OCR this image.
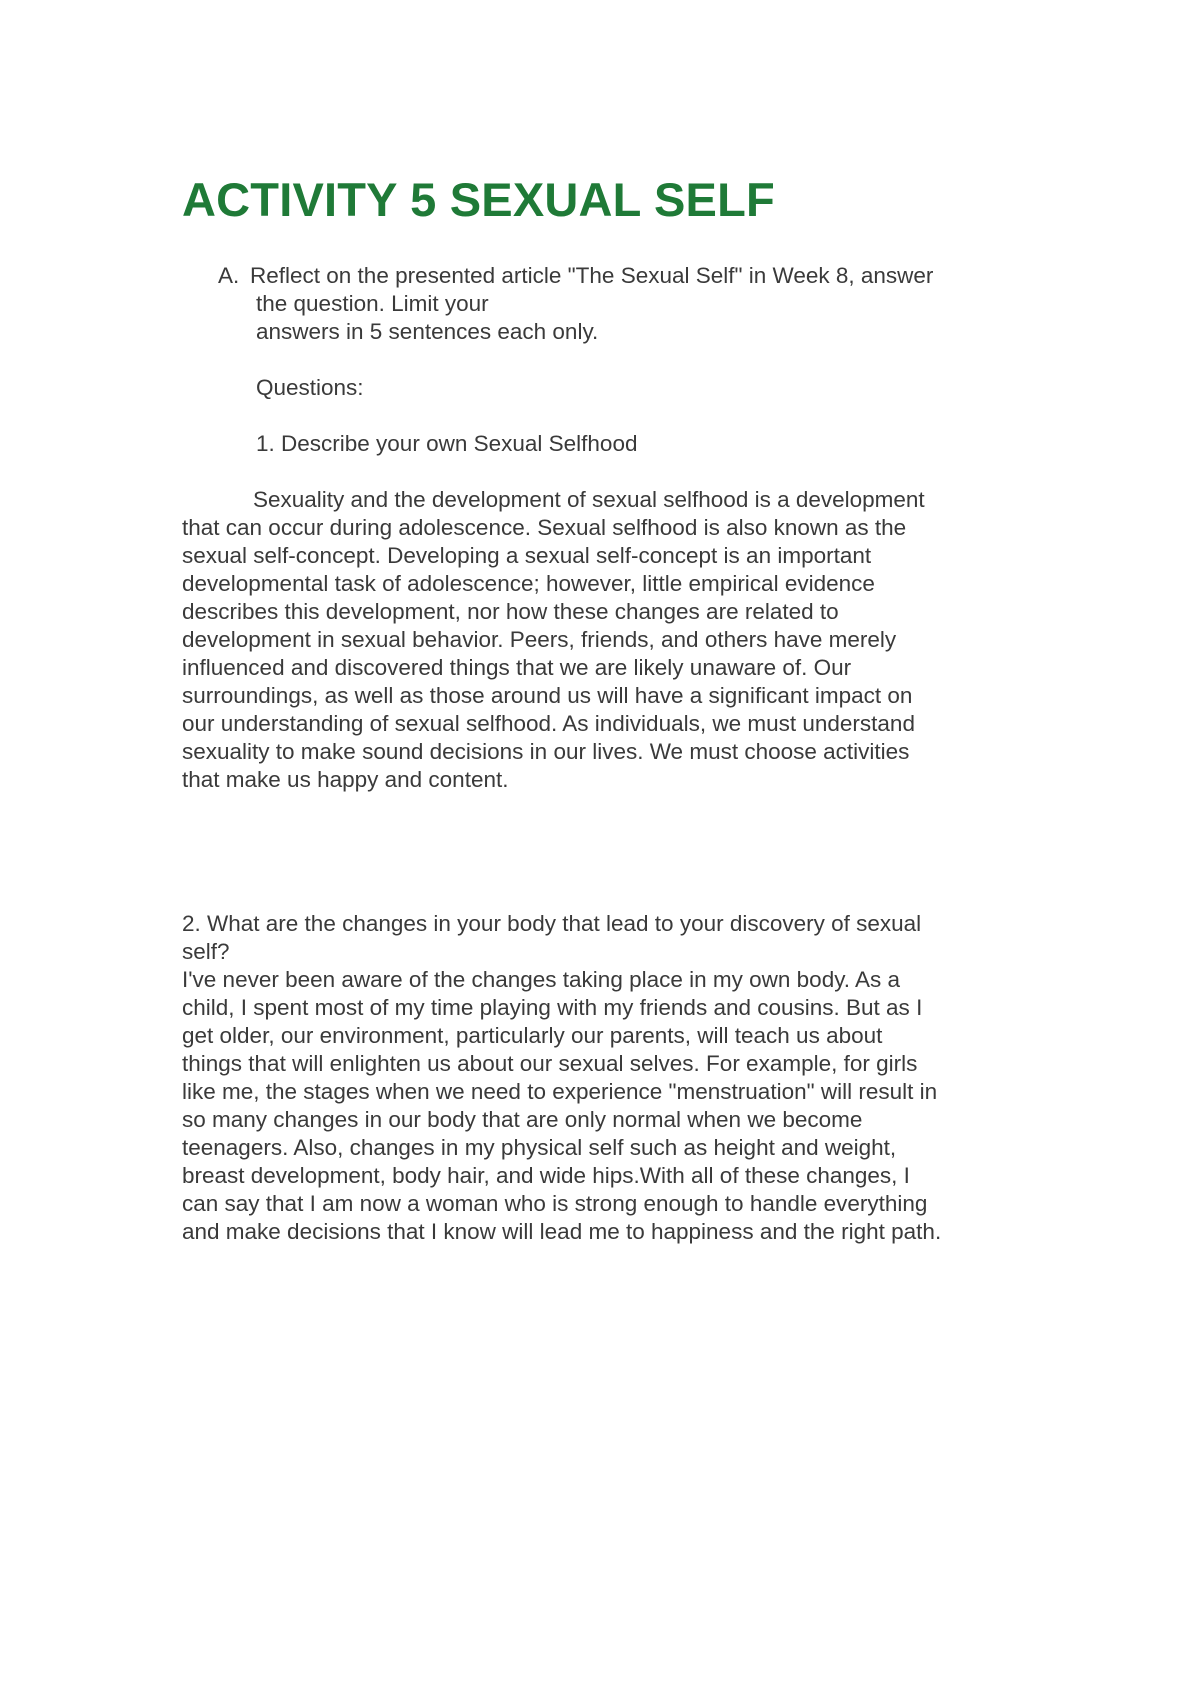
ACTIVITY 5 SEXUAL SELF
A. Reflect on the presented article "The Sexual Self" in Week 8, answer

the question. Limit your

answers in 5 sentences each only.

Questions:

1. Describe your own Sexual Selfhood

Sexuality and the development of sexual selfhood is a development

that can occur during adolescence. Sexual selfhood is also known as the

sexual self-concept. Developing a sexual self-concept is an important

developmental task of adolescence; however, little empirical evidence

describes this development, nor how these changes are related to

development in sexual behavior. Peers, friends, and others have merely

influenced and discovered things that we are likely unaware of. Our

surroundings, as well as those around us will have a significant impact on

our understanding of sexual selfhood. As individuals, we must understand

sexuality to make sound decisions in our lives. We must choose activities

that make us happy and content.

2. What are the changes in your body that lead to your discovery of sexual

self?

I've never been aware of the changes taking place in my own body. As a

child, I spent most of my time playing with my friends and cousins. But as I

get older, our environment, particularly our parents, will teach us about

things that will enlighten us about our sexual selves. For example, for girls

like me, the stages when we need to experience "menstruation" will result in

so many changes in our body that are only normal when we become

teenagers. Also, changes in my physical self such as height and weight,

breast development, body hair, and wide hips.With all of these changes, I

can say that I am now a woman who is strong enough to handle everything

and make decisions that I know will lead me to happiness and the right path.
